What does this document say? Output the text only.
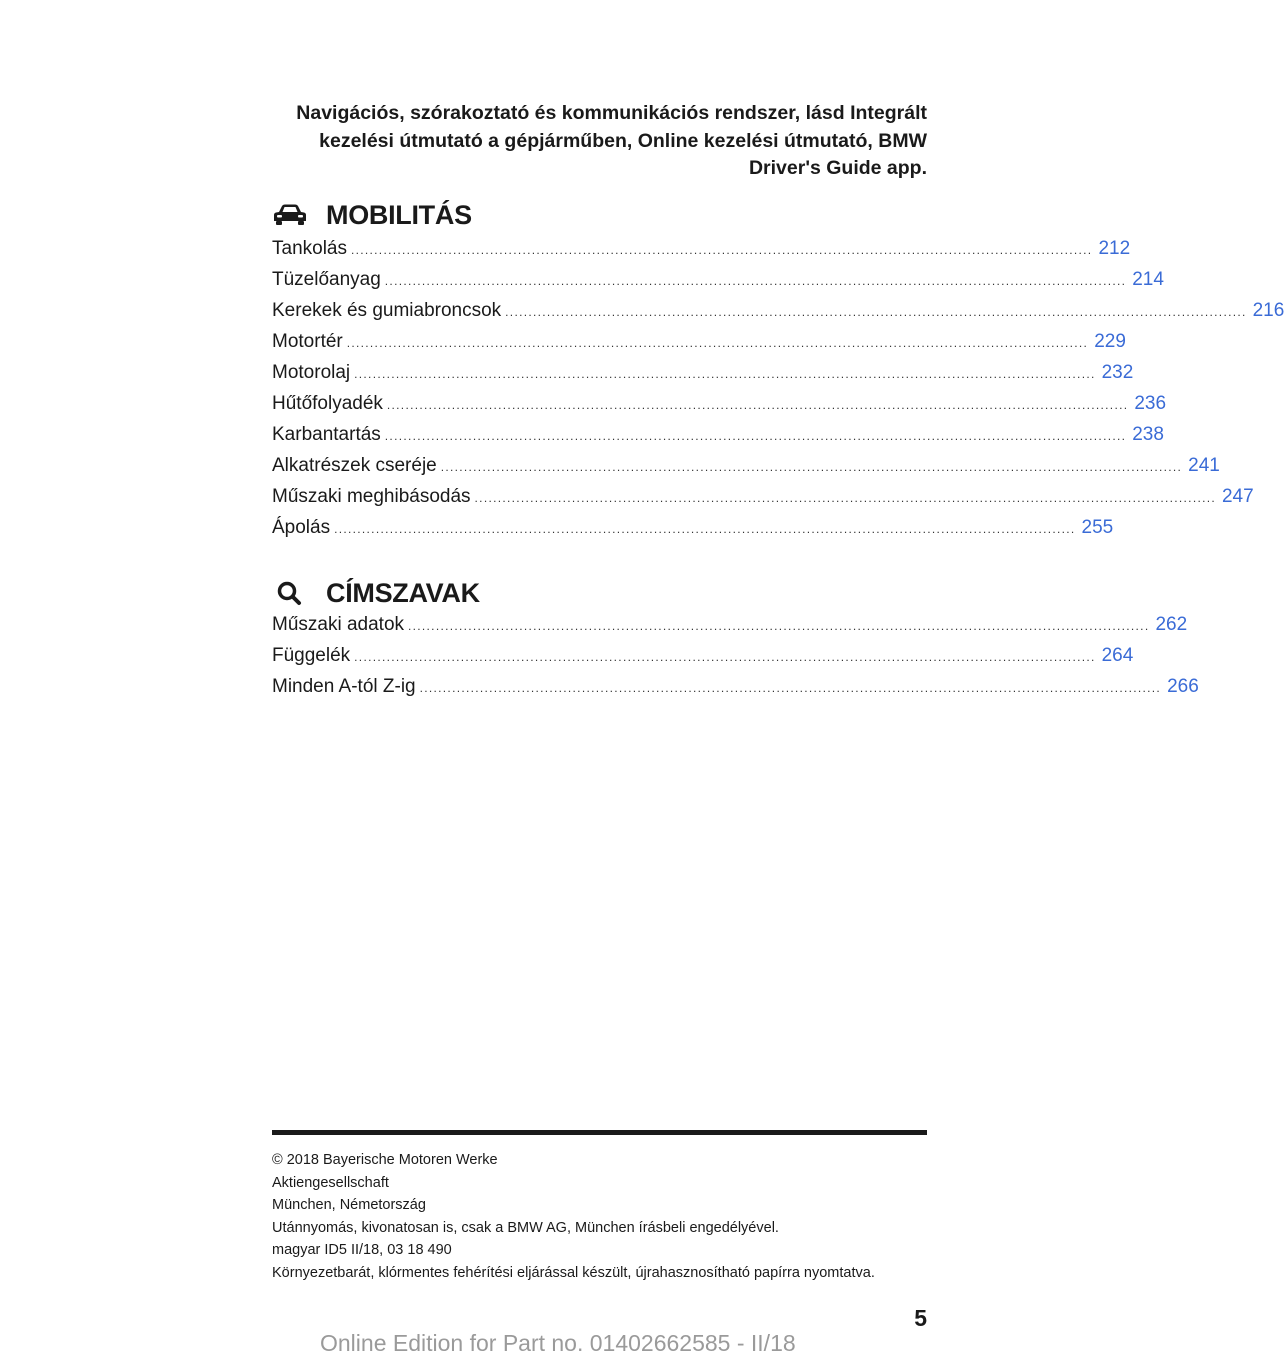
Navigációs, szórakoztató és kommunikációs rendszer, lásd Integrált
kezelési útmutató a gépjárműben, Online kezelési útmutató, BMW
Driver's Guide app.
MOBILITÁS
Tankolás ................................................................................................................................................................ 212
Tüzelőanyag ................................................................................................................................................................ 214
Kerekek és gumiabroncsok ................................................................................................................................................................ 216
Motortér ................................................................................................................................................................ 229
Motorolaj ................................................................................................................................................................ 232
Hűtőfolyadék ................................................................................................................................................................ 236
Karbantartás ................................................................................................................................................................ 238
Alkatrészek cseréje ................................................................................................................................................................ 241
Műszaki meghibásodás ................................................................................................................................................................ 247
Ápolás ................................................................................................................................................................ 255
CÍMSZAVAK
Műszaki adatok ................................................................................................................................................................ 262
Függelék ................................................................................................................................................................ 264
Minden A-tól Z-ig ................................................................................................................................................................ 266
© 2018 Bayerische Motoren Werke
Aktiengesellschaft
München, Németország
Utánnyomás, kivonatosan is, csak a BMW AG, München írásbeli engedélyével.
magyar ID5 II/18, 03 18 490
Környezetbarát, klórmentes fehérítési eljárással készült, újrahasznosítható papírra nyomtatva.
5
Online Edition for Part no. 01402662585 - II/18
